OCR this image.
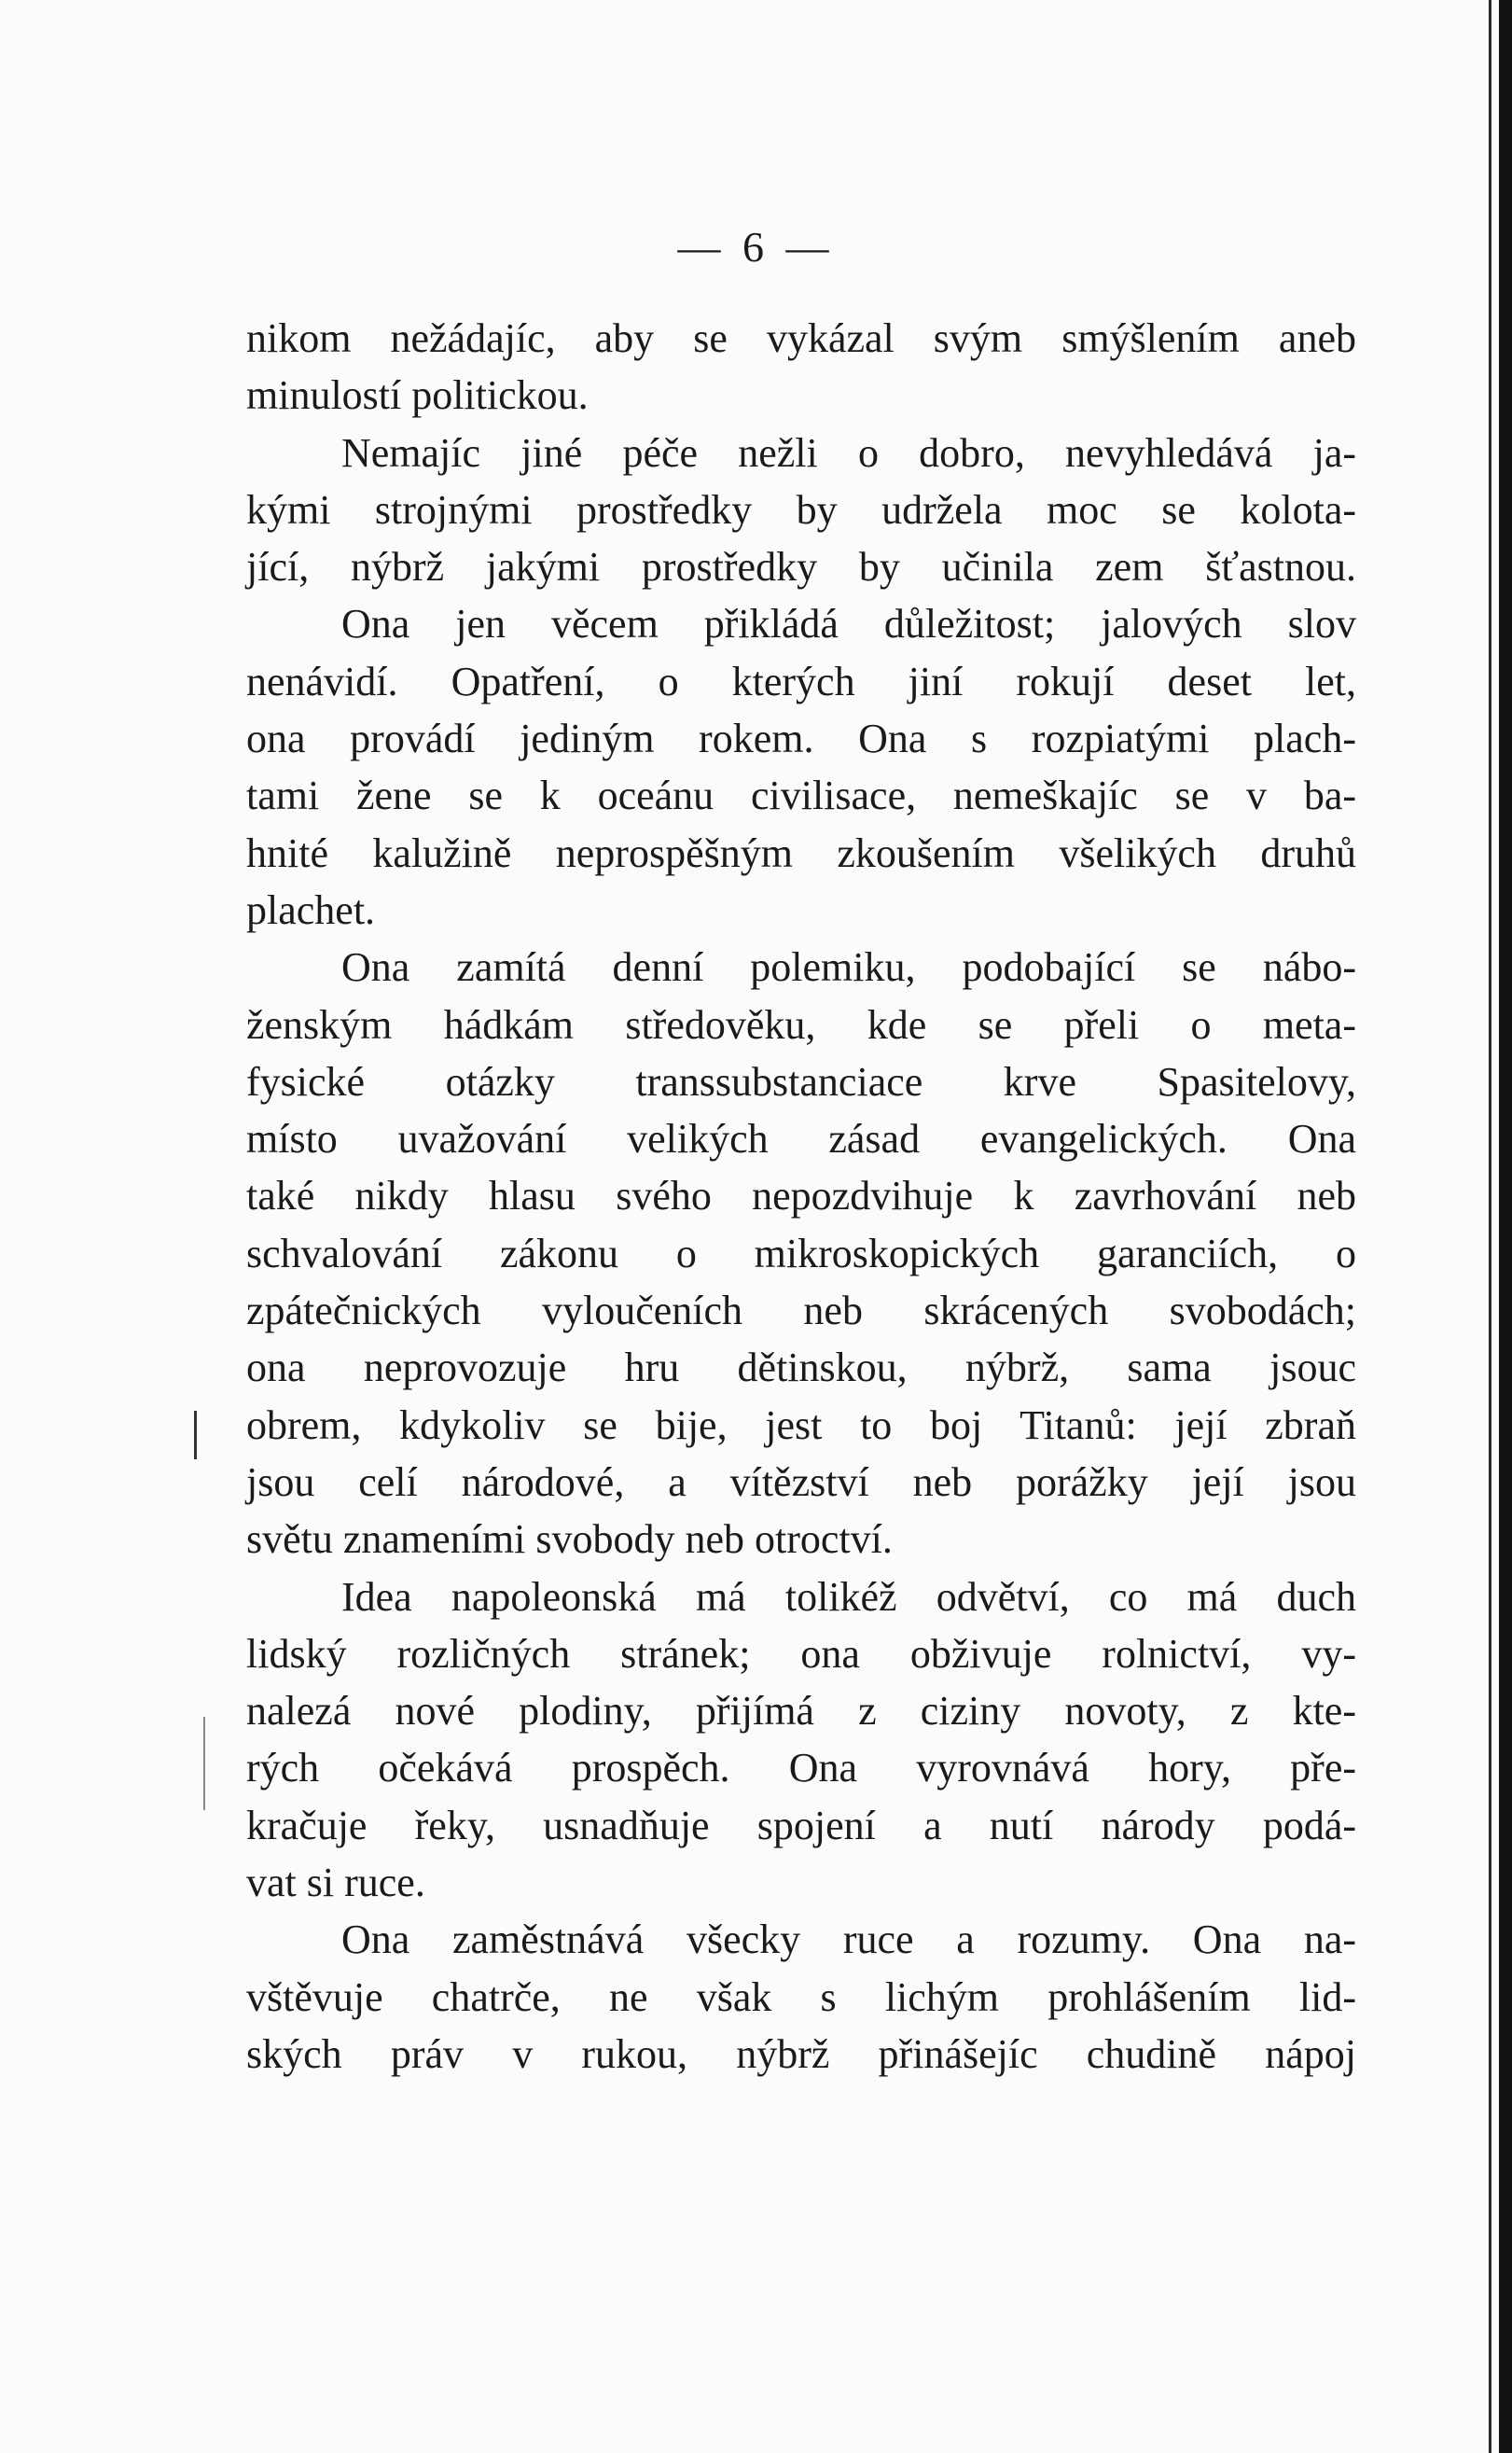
— 6 —
nikom nežádajíc, aby se vykázal svým smýšlením aneb
minulostí politickou.
Nemajíc jiné péče nežli o dobro, nevyhledává ja-
kými strojnými prostředky by udržela moc se kolota-
jící, nýbrž jakými prostředky by učinila zem šťastnou.
Ona jen věcem přikládá důležitost; jalových slov
nenávidí. Opatření, o kterých jiní rokují deset let,
ona provádí jediným rokem. Ona s rozpiatými plach-
tami žene se k oceánu civilisace, nemeškajíc se v ba-
hnité kalužině neprospěšným zkoušením všelikých druhů
plachet.
Ona zamítá denní polemiku, podobající se nábo-
ženským hádkám středověku, kde se přeli o meta-
fysické otázky transsubstanciace krve Spasitelovy,
místo uvažování velikých zásad evangelických. Ona
také nikdy hlasu svého nepozdvihuje k zavrhování neb
schvalování zákonu o mikroskopických garanciích, o
zpátečnických vyloučeních neb skrácených svobodách;
ona neprovozuje hru dětinskou, nýbrž, sama jsouc
obrem, kdykoliv se bije, jest to boj Titanů: její zbraň
jsou celí národové, a vítězství neb porážky její jsou
světu znameními svobody neb otroctví.
Idea napoleonská má tolikéž odvětví, co má duch
lidský rozličných stránek; ona obživuje rolnictví, vy-
nalezá nové plodiny, přijímá z ciziny novoty, z kte-
rých očekává prospěch. Ona vyrovnává hory, pře-
kračuje řeky, usnadňuje spojení a nutí národy podá-
vat si ruce.
Ona zaměstnává všecky ruce a rozumy. Ona na-
vštěvuje chatrče, ne však s lichým prohlášením lid-
ských práv v rukou, nýbrž přinášejíc chudině nápoj
